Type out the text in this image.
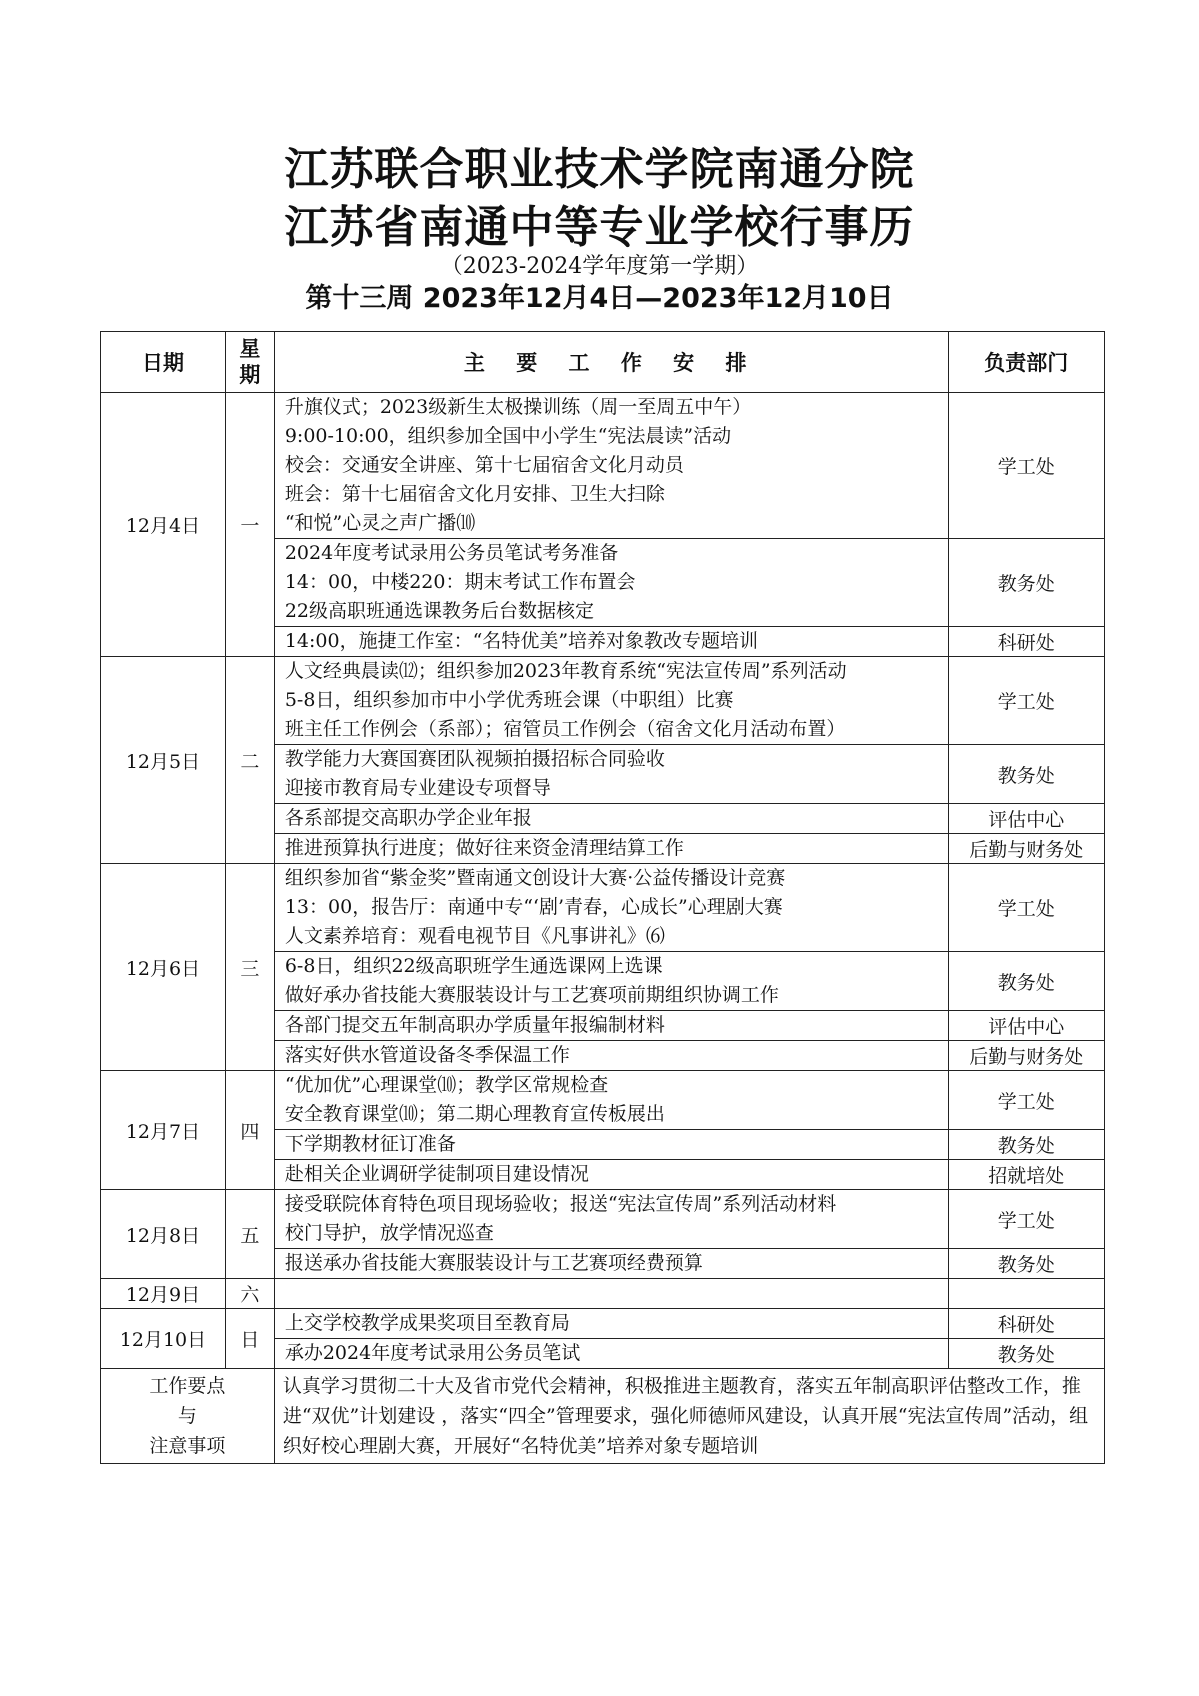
江苏联合职业技术学院南通分院
江苏省南通中等专业学校行事历
（2023-2024学年度第一学期）
第十三周 2023年12月4日—2023年12月10日
日期	星期	主 要 工 作 安 排	负责部门
12月4日	一	升旗仪式；2023级新生太极操训练（周一至周五中午）
9:00-10:00，组织参加全国中小学生“宪法晨读”活动
校会：交通安全讲座、第十七届宿舍文化月动员
班会：第十七届宿舍文化月安排、卫生大扫除
“和悦”心灵之声广播⑽	学工处

		2024年度考试录用公务员笔试考务准备
14：00，中楼220：期末考试工作布置会
22级高职班通选课教务后台数据核定	教务处

		14:00，施捷工作室：“名特优美”培养对象教改专题培训	科研处
12月5日	二	人文经典晨读⑿；组织参加2023年教育系统“宪法宣传周”系列活动
5-8日，组织参加市中小学优秀班会课（中职组）比赛
班主任工作例会（系部）；宿管员工作例会（宿舍文化月活动布置）	学工处

		教学能力大赛国赛团队视频拍摄招标合同验收
迎接市教育局专业建设专项督导	教务处

		各系部提交高职办学企业年报	评估中心

		推进预算执行进度；做好往来资金清理结算工作	后勤与财务处
12月6日	三	组织参加省“紫金奖”暨南通文创设计大赛·公益传播设计竞赛
13：00，报告厅：南通中专“‘剧’青春，心成长”心理剧大赛
人文素养培育：观看电视节目《凡事讲礼》⑹	学工处

		6-8日，组织22级高职班学生通选课网上选课
做好承办省技能大赛服装设计与工艺赛项前期组织协调工作	教务处

		各部门提交五年制高职办学质量年报编制材料	评估中心

		落实好供水管道设备冬季保温工作	后勤与财务处
12月7日	四	“优加优”心理课堂⑽；教学区常规检查
安全教育课堂⑽；第二期心理教育宣传板展出	学工处

		下学期教材征订准备	教务处

		赴相关企业调研学徒制项目建设情况	招就培处
12月8日	五	接受联院体育特色项目现场验收；报送“宪法宣传周”系列活动材料
校门导护，放学情况巡查	学工处

		报送承办省技能大赛服装设计与工艺赛项经费预算	教务处
12月9日	六	

12月10日	日	上交学校教学成果奖项目至教育局	科研处

		承办2024年度考试录用公务员笔试	教务处

工作要点
与
注意事项		认真学习贯彻二十大及省市党代会精神，积极推进主题教育，落实五年制高职评估整改工作，推进“双优”计划建设 ，落实“四全”管理要求，强化师德师风建设，认真开展“宪法宣传周”活动，组织好校心理剧大赛，开展好“名特优美”培养对象专题培训	
